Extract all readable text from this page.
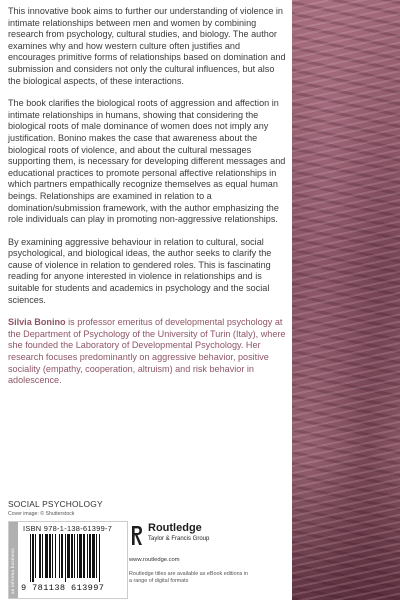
This innovative book aims to further our understanding of violence in intimate relationships between men and women by combining research from psychology, cultural studies, and biology. The author examines why and how western culture often justifies and encourages primitive forms of relationships based on domination and submission and considers not only the cultural influences, but also the biological aspects, of these interactions.

The book clarifies the biological roots of aggression and affection in intimate relationships in humans, showing that considering the biological roots of male dominance of women does not imply any justification. Bonino makes the case that awareness about the biological roots of violence, and about the cultural messages supporting them, is necessary for developing different messages and educational practices to promote personal affective relationships in which partners empathically recognize themselves as equal human beings. Relationships are examined in relation to a domination/submission framework, with the author emphasizing the role individuals can play in promoting non-aggressive relationships.

By examining aggressive behaviour in relation to cultural, social psychological, and biological ideas, the author seeks to clarify the cause of violence in relation to gendered roles. This is fascinating reading for anyone interested in violence in relationships and is suitable for students and academics in psychology and the social sciences.

Silvia Bonino is professor emeritus of developmental psychology at the Department of Psychology of the University of Turin (Italy), where she founded the Laboratory of Developmental Psychology. Her research focuses predominantly on aggressive behavior, positive sociality (empathy, cooperation, altruism) and risk behavior in adolescence.

SOCIAL PSYCHOLOGY
Cover image: © Shutterstock
an informa business
ISBN 978-1-138-61399-7
9 781138 613997
Routledge
Taylor & Francis Group
www.routledge.com
Routledge titles are available as eBook editions in a range of digital formats
